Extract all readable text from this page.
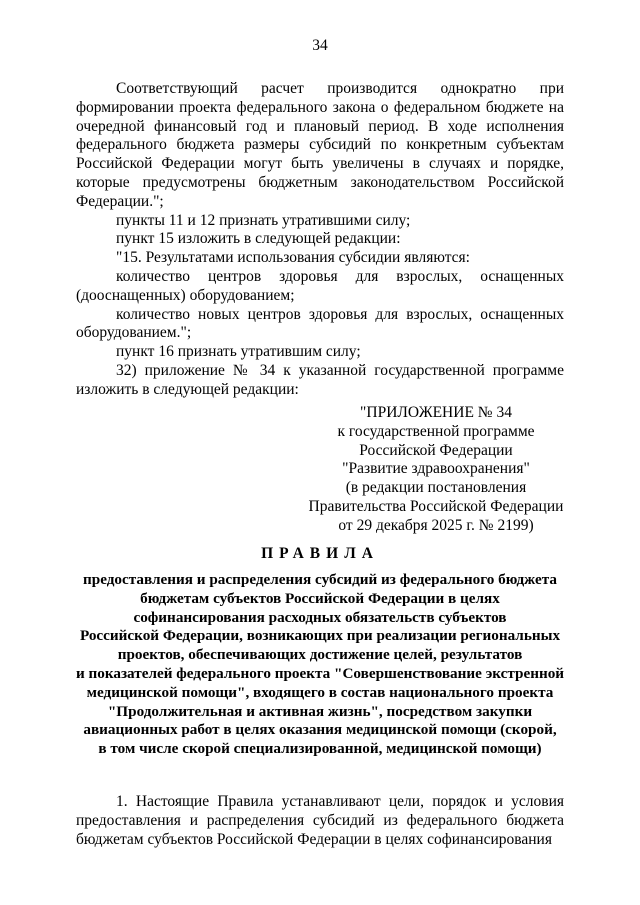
34

Соответствующий расчет производится однократно при формировании проекта федерального закона о федеральном бюджете на очередной финансовый год и плановый период. В ходе исполнения федерального бюджета размеры субсидий по конкретным субъектам Российской Федерации могут быть увеличены в случаях и порядке, которые предусмотрены бюджетным законодательством Российской Федерации.";

пункты 11 и 12 признать утратившими силу;

пункт 15 изложить в следующей редакции:

"15. Результатами использования субсидии являются:

количество центров здоровья для взрослых, оснащенных (дооснащенных) оборудованием;

количество новых центров здоровья для взрослых, оснащенных оборудованием.";

пункт 16 признать утратившим силу;

32) приложение № 34 к указанной государственной программе изложить в следующей редакции:

"ПРИЛОЖЕНИЕ № 34
к государственной программе
Российской Федерации
"Развитие здравоохранения"
(в редакции постановления
Правительства Российской Федерации
от 29 декабря 2025 г. № 2199)
ПРАВИЛА
предоставления и распределения субсидий из федерального бюджета
бюджетам субъектов Российской Федерации в целях
софинансирования расходных обязательств субъектов
Российской Федерации, возникающих при реализации региональных
проектов, обеспечивающих достижение целей, результатов
и показателей федерального проекта "Совершенствование экстренной
медицинской помощи", входящего в состав национального проекта
"Продолжительная и активная жизнь", посредством закупки
авиационных работ в целях оказания медицинской помощи (скорой,
в том числе скорой специализированной, медицинской помощи)

1. Настоящие Правила устанавливают цели, порядок и условия предоставления и распределения субсидий из федерального бюджета бюджетам субъектов Российской Федерации в целях софинансирования
